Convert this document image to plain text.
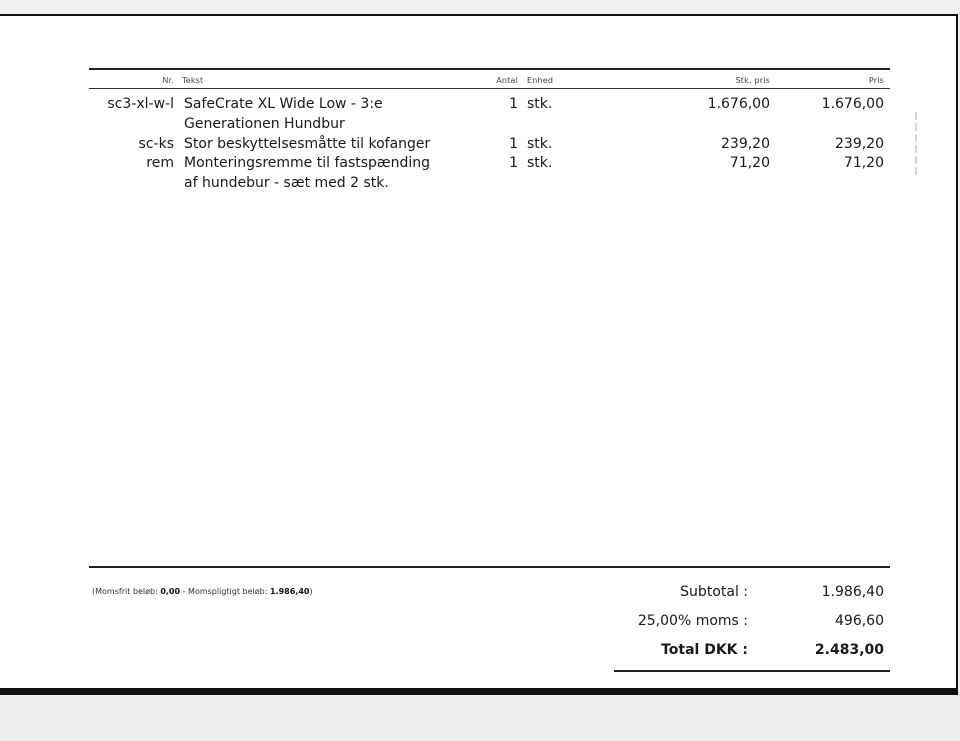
Nr. Tekst	Antal Enhed	Stk. pris	Pris
sc3-xl-w-l SafeCrate XL Wide Low - 3:e
Generationen Hundbur
1 stk.	1.676,00	1.676,00
sc-ks Stor beskyttelsesmåtte til kofanger	1 stk.	239,20	239,20
rem Monteringsremme til fastspænding
af hundebur - sæt med 2 stk.
1 stk.	71,20	71,20
(Momsfrit beløb: 0,00 - Momspligtigt beløb: 1.986,40)	Subtotal :	1.986,40
25,00% moms :	496,60
Total DKK :	2.483,00
